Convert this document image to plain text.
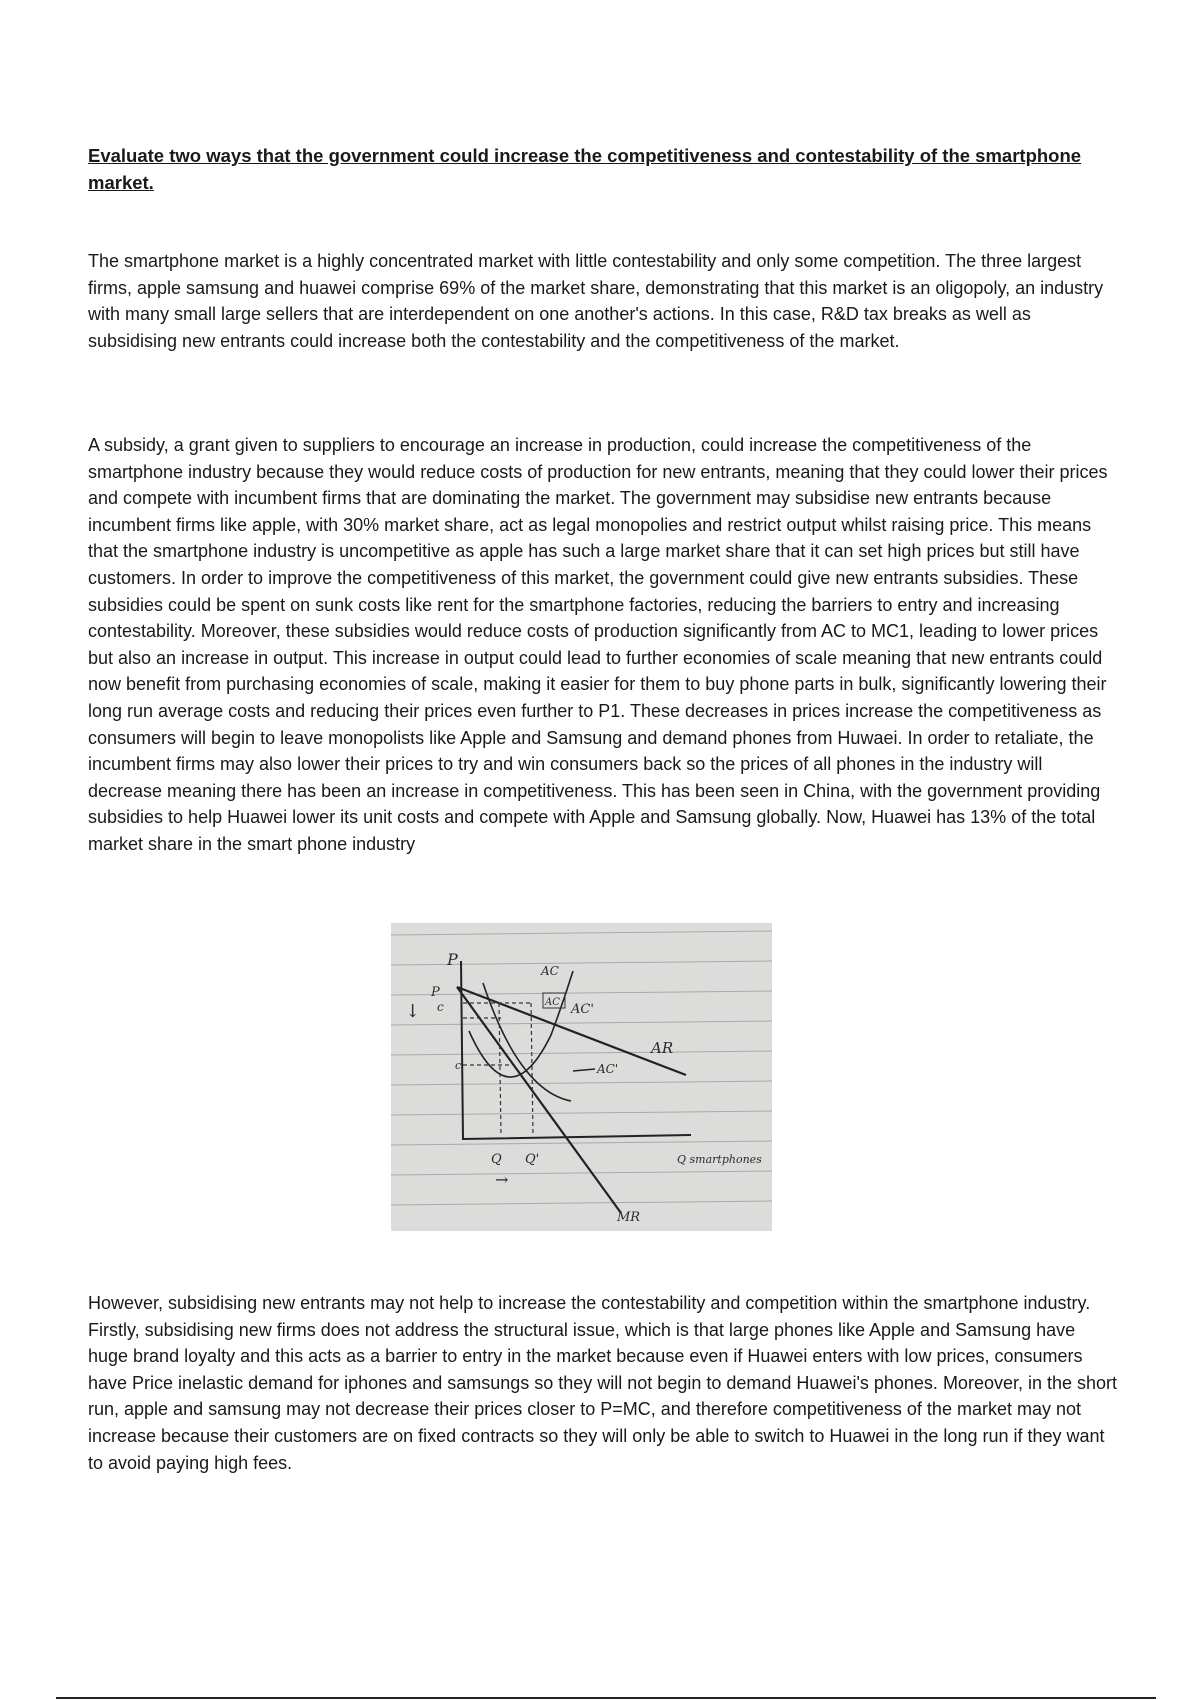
Evaluate two ways that the government could increase the competitiveness and contestability of the smartphone market.
The smartphone market is a highly concentrated market with little contestability and only some competition. The three largest firms, apple samsung and huawei comprise 69% of the market share, demonstrating that this market is an oligopoly, an industry with many small large sellers that are interdependent on one another's actions. In this case, R&D tax breaks as well as subsidising new entrants could increase both the contestability and the competitiveness of the market.
A subsidy, a grant given to suppliers to encourage an increase in production, could increase the competitiveness of the smartphone industry because they would reduce costs of production for new entrants, meaning that they could lower their prices and compete with incumbent firms that are dominating the market. The government may subsidise new entrants because incumbent firms like apple, with 30% market share, act as legal monopolies and restrict output whilst raising price. This means that the smartphone industry is uncompetitive as apple has such a large market share that it can set high prices but still have customers. In order to improve the competitiveness of this market, the government could give new entrants subsidies. These subsidies could be spent on sunk costs like rent for the smartphone factories, reducing the barriers to entry and increasing contestability. Moreover, these subsidies would reduce costs of production significantly from AC to MC1, leading to lower prices but also an increase in output. This increase in output could lead to further economies of scale meaning that new entrants could now benefit from purchasing economies of scale, making it easier for them to buy phone parts in bulk, significantly lowering their long run average costs and reducing their prices even further to P1. These decreases in prices increase the competitiveness as consumers will begin to leave monopolists like Apple and Samsung and demand phones from Huwaei. In order to retaliate, the incumbent firms may also lower their prices to try and win consumers back so the prices of all phones in the industry will decrease meaning there has been an increase in competitiveness. This has been seen in China, with the government providing subsidies to help Huawei lower its unit costs and compete with Apple and Samsung globally. Now, Huawei has 13% of the total market share in the smart phone industry
P
P
c
c'
↓
AC
AC'
AC
AR
AC'
Q Q'
→
Q smartphones
MR
However, subsidising new entrants may not help to increase the contestability and competition within the smartphone industry. Firstly, subsidising new firms does not address the structural issue, which is that large phones like Apple and Samsung have huge brand loyalty and this acts as a barrier to entry in the market because even if Huawei enters with low prices, consumers have Price inelastic demand for iphones and samsungs so they will not begin to demand Huawei's phones. Moreover, in the short run, apple and samsung may not decrease their prices closer to P=MC, and therefore competitiveness of the market may not increase because their customers are on fixed contracts so they will only be able to switch to Huawei in the long run if they want to avoid paying high fees.
